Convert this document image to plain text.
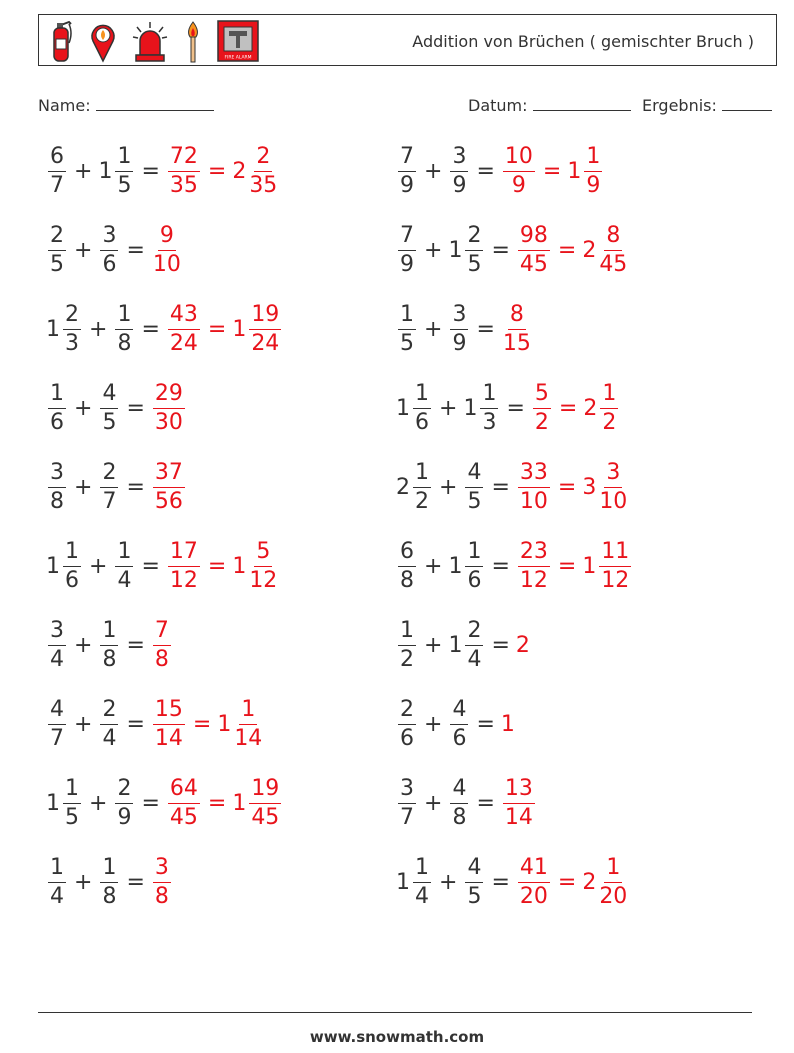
FIRE ALARM
Addition von Brüchen ( gemischter Bruch )
Name:	Datum:	Ergebnis:
$\frac{6}{7} + 1 \frac{1}{5} = \frac{72}{35} = 2 \frac{2}{35}$	$\frac{7}{9} + \frac{3}{9} = \frac{10}{9} = 1 \frac{1}{9}$
$\frac{2}{5} + \frac{3}{6} = \frac{9}{10}$	$\frac{7}{9} + 1 \frac{2}{5} = \frac{98}{45} = 2 \frac{8}{45}$
$1 \frac{2}{3} + \frac{1}{8} = \frac{43}{24} = 1 \frac{19}{24}$	$\frac{1}{5} + \frac{3}{9} = \frac{8}{15}$
$\frac{1}{6} + \frac{4}{5} = \frac{29}{30}$	$1 \frac{1}{6} + 1 \frac{1}{3} = \frac{5}{2} = 2 \frac{1}{2}$
$\frac{3}{8} + \frac{2}{7} = \frac{37}{56}$	$2 \frac{1}{2} + \frac{4}{5} = \frac{33}{10} = 3 \frac{3}{10}$
$1 \frac{1}{6} + \frac{1}{4} = \frac{17}{12} = 1 \frac{5}{12}$	$\frac{6}{8} + 1 \frac{1}{6} = \frac{23}{12} = 1 \frac{11}{12}$
$\frac{3}{4} + \frac{1}{8} = \frac{7}{8}$	$\frac{1}{2} + 1 \frac{2}{4} = 2$
$\frac{4}{7} + \frac{2}{4} = \frac{15}{14} = 1 \frac{1}{14}$	$\frac{2}{6} + \frac{4}{6} = 1$
$1 \frac{1}{5} + \frac{2}{9} = \frac{64}{45} = 1 \frac{19}{45}$	$\frac{3}{7} + \frac{4}{8} = \frac{13}{14}$
$\frac{1}{4} + \frac{1}{8} = \frac{3}{8}$	$1 \frac{1}{4} + \frac{4}{5} = \frac{41}{20} = 2 \frac{1}{20}$
www.snowmath.com
